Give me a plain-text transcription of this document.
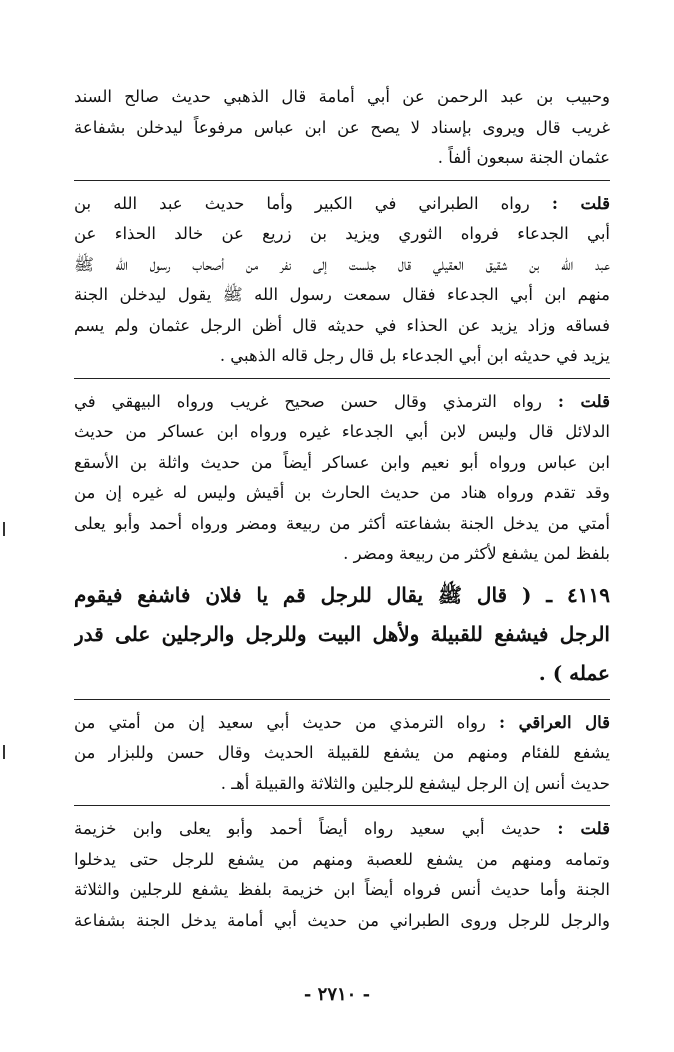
وحبيب بن عبد الرحمن عن أبي أمامة قال الذهبي حديث صالح السند
غريب قال ويروى بإسناد لا يصح عن ابن عباس مرفوعاً ليدخلن بشفاعة
عثمان الجنة سبعون ألفاً .
قلت : رواه الطبراني في الكبير وأما حديث عبد الله بن
أبي الجدعاء فرواه الثوري ويزيد بن زريع عن خالد الحذاء عن
عبد الله بن شقيق العقيلي قال جلست إلى نفر من أصحاب رسول الله ﷺ
منهم ابن أبي الجدعاء فقال سمعت رسول الله ﷺ يقول ليدخلن الجنة
فساقه وزاد يزيد عن الحذاء في حديثه قال أظن الرجل عثمان ولم يسم
يزيد في حديثه ابن أبي الجدعاء بل قال رجل قاله الذهبي .
قلت : رواه الترمذي وقال حسن صحيح غريب ورواه البيهقي في
الدلائل قال وليس لابن أبي الجدعاء غيره ورواه ابن عساكر من حديث
ابن عباس ورواه أبو نعيم وابن عساكر أيضاً من حديث واثلة بن الأسقع
وقد تقدم ورواه هناد من حديث الحارث بن أقيش وليس له غيره إن من
أمتي من يدخل الجنة بشفاعته أكثر من ربيعة ومضر ورواه أحمد وأبو يعلى
بلفظ لمن يشفع لأكثر من ربيعة ومضر .
٤١١٩ ـ ( قال ﷺ يقال للرجل قم يا فلان فاشفع فيقوم
الرجل فيشفع للقبيلة ولأهل البيت وللرجل والرجلين على قدر
عمله ) .
قال العراقي : رواه الترمذي من حديث أبي سعيد إن من أمتي من
يشفع للفئام ومنهم من يشفع للقبيلة الحديث وقال حسن وللبزار من
حديث أنس إن الرجل ليشفع للرجلين والثلاثة والقبيلة أهـ .
قلت : حديث أبي سعيد رواه أيضاً أحمد وأبو يعلى وابن خزيمة
وتمامه ومنهم من يشفع للعصبة ومنهم من يشفع للرجل حتى يدخلوا
الجنة وأما حديث أنس فرواه أيضاً ابن خزيمة بلفظ يشفع للرجلين والثلاثة
والرجل للرجل وروى الطبراني من حديث أبي أمامة يدخل الجنة بشفاعة
- ٢٧١٠ -
